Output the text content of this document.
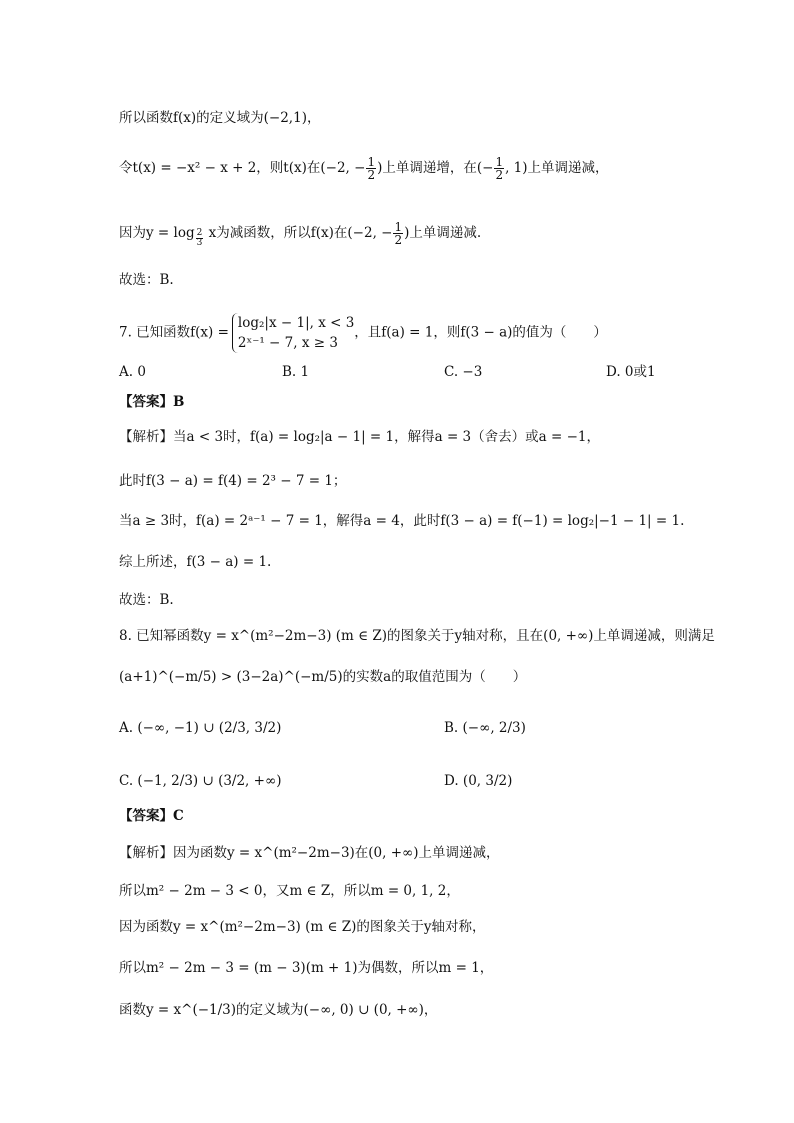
所以函数f(x)的定义域为(−2,1)，
令t(x) = −x² − x + 2，则t(x)在(−2, − $\frac{1}{2}$ )上单调递增，在(− $\frac{1}{2}$ , 1)上单调递减，
因为$y = \log \frac{2}{3}$ x为减函数，所以f(x)在(−2, − $\frac{1}{2}$ )上单调递减.
故选：B.
7. 已知函数f(x) =
log₂|x − 1|, x < 3
2ˣ⁻¹ − 7, x ≥ 3
，且f(a) = 1，则f(3 − a)的值为（　　）
A. 0	B. 1	C. −3	D. 0或1
【答案】B
【解析】当a < 3时，f(a) = log₂|a − 1| = 1，解得a = 3（舍去）或a = −1，
此时f(3 − a) = f(4) = 2³ − 7 = 1；
当a ≥ 3时，f(a) = 2ᵃ⁻¹ − 7 = 1，解得a = 4，此时f(3 − a) = f(−1) = log₂|−1 − 1| = 1.
综上所述，f(3 − a) = 1.
故选：B.
8. 已知幂函数y = x^(m²−2m−3) (m ∈ Z)的图象关于y轴对称，且在(0, +∞)上单调递减，则满足
(a+1)^(−m/5) > (3−2a)^(−m/5)的实数a的取值范围为（　　）
A. (−∞, −1) ∪ (2/3, 3/2)	B. (−∞, 2/3)
C. (−1, 2/3) ∪ (3/2, +∞)	D. (0, 3/2)
【答案】C
【解析】因为函数y = x^(m²−2m−3)在(0, +∞)上单调递减，
所以m² − 2m − 3 < 0，又m ∈ Z，所以m = 0, 1, 2，
因为函数y = x^(m²−2m−3) (m ∈ Z)的图象关于y轴对称，
所以m² − 2m − 3 = (m − 3)(m + 1)为偶数，所以m = 1，
函数y = x^(−1/3)的定义域为(−∞, 0) ∪ (0, +∞)，
